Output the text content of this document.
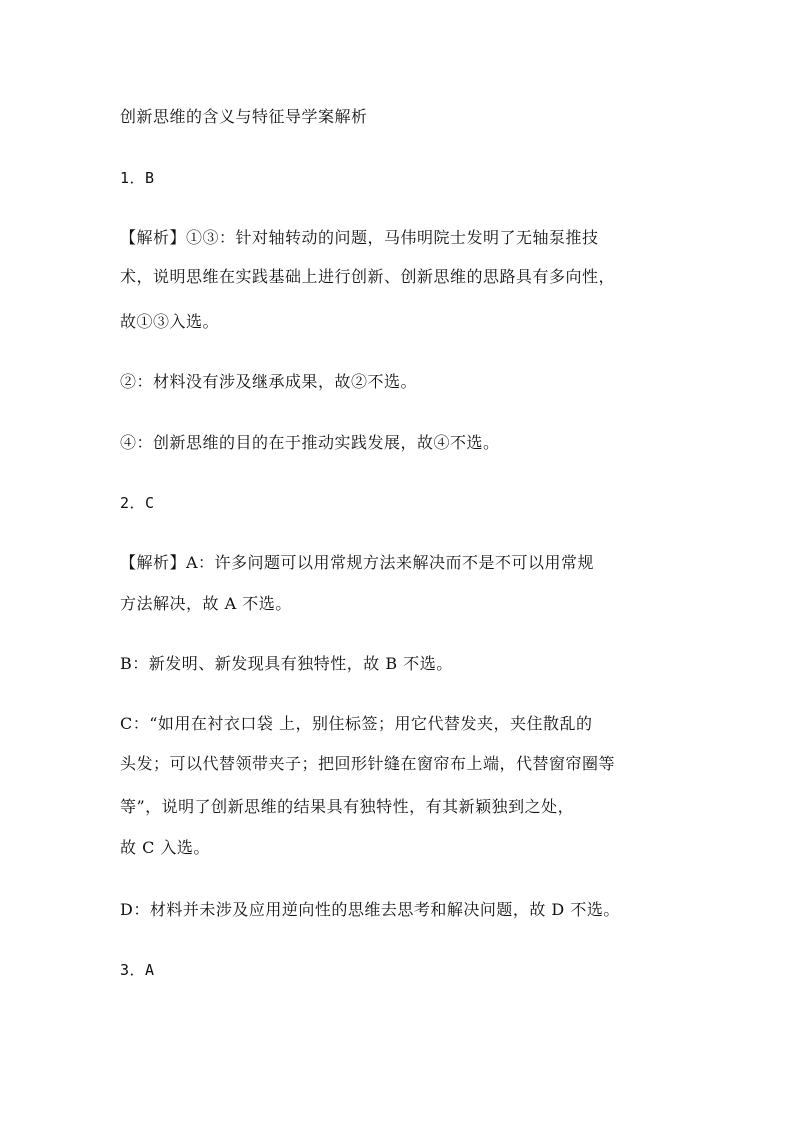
创新思维的含义与特征导学案解析
1．B
【解析】①③：针对轴转动的问题，马伟明院士发明了无轴泵推技
术，说明思维在实践基础上进行创新、创新思维的思路具有多向性，
故①③入选。
②：材料没有涉及继承成果，故②不选。
④：创新思维的目的在于推动实践发展，故④不选。
2．C
【解析】A：许多问题可以用常规方法来解决而不是不可以用常规
方法解决，故 A 不选。
B：新发明、新发现具有独特性，故 B 不选。
C：“如用在衬衣口袋 上，别住标签；用它代替发夹，夹住散乱的
头发；可以代替领带夹子；把回形针缝在窗帘布上端，代替窗帘圈等
等”，说明了创新思维的结果具有独特性，有其新颖独到之处，
故 C 入选。
D：材料并未涉及应用逆向性的思维去思考和解决问题，故 D 不选。
3．A
